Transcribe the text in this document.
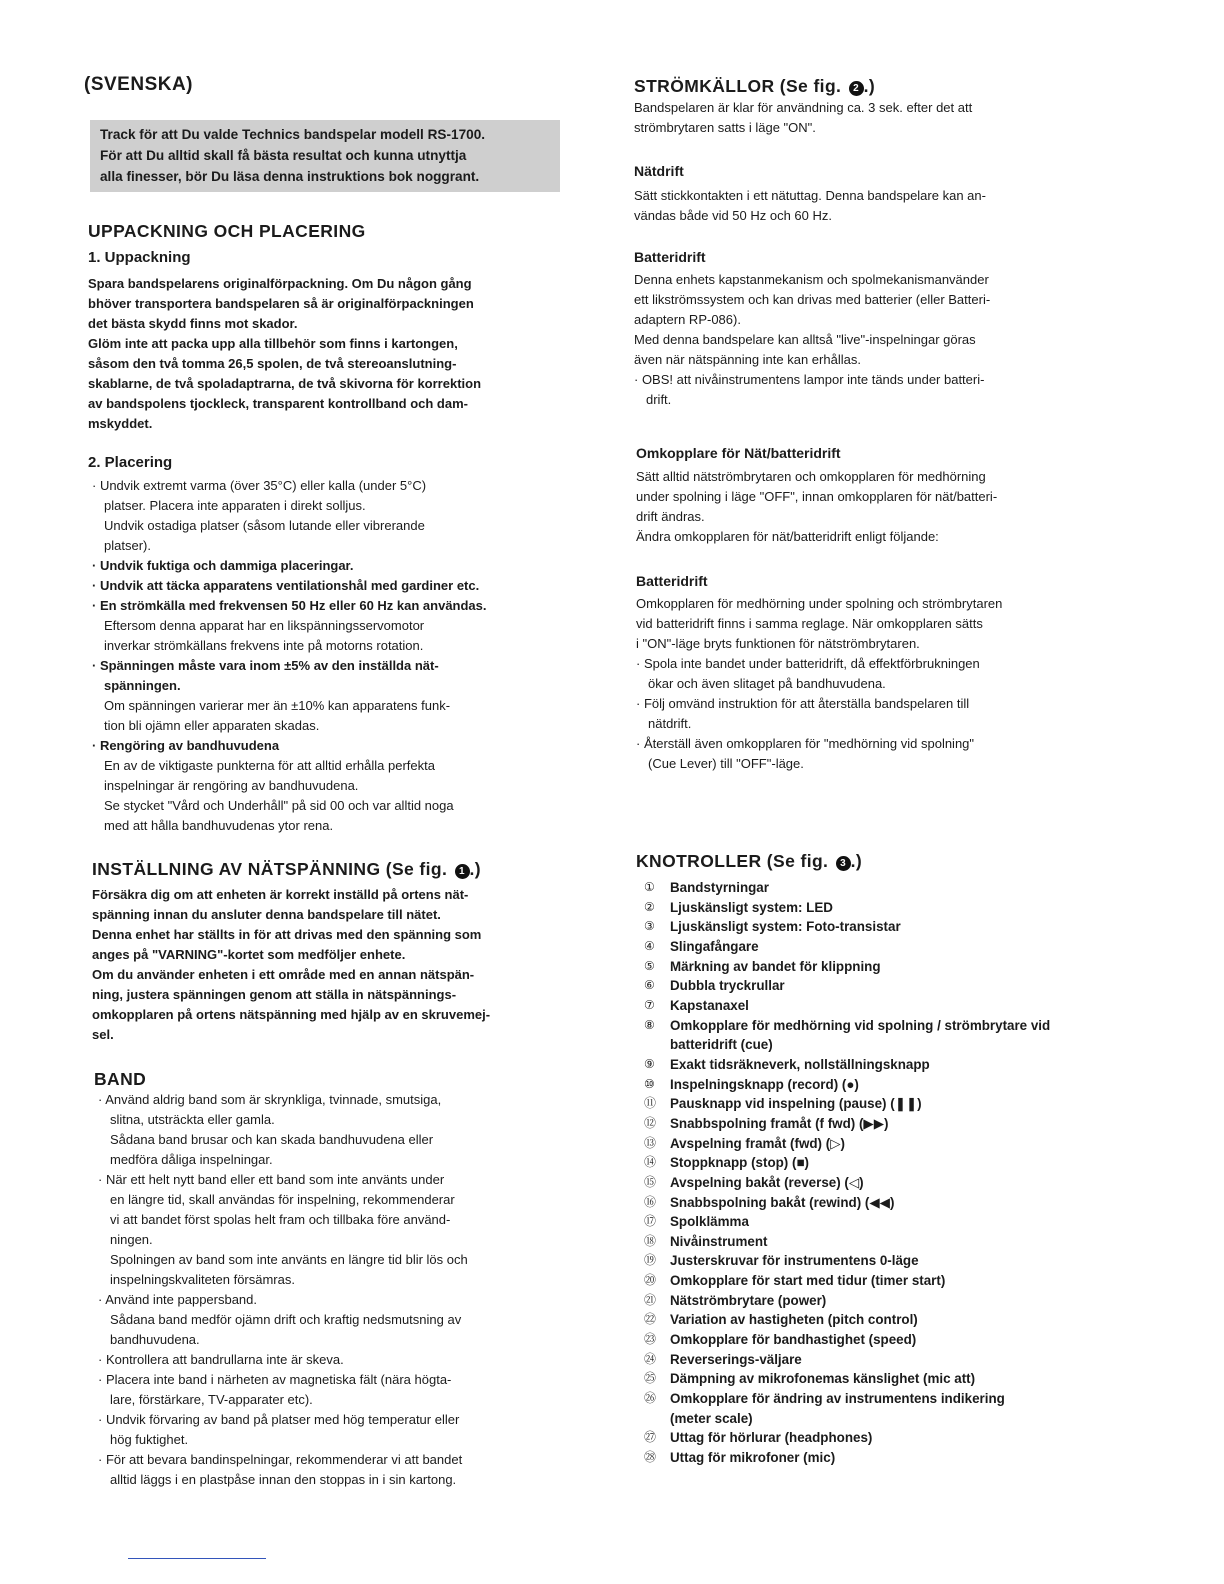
(SVENSKA)
Track för att Du valde Technics bandspelar modell RS-1700.
För att Du alltid skall få bästa resultat och kunna utnyttja
alla finesser, bör Du läsa denna instruktions bok noggrant.
UPPACKNING OCH PLACERING
1. Uppackning
Spara bandspelarens originalförpackning. Om Du någon gång
bhöver transportera bandspelaren så är originalförpackningen
det bästa skydd finns mot skador.
Glöm inte att packa upp alla tillbehör som finns i kartongen,
såsom den två tomma 26,5 spolen, de två stereoanslutning-
skablarne, de två spoladaptrarna, de två skivorna för korrektion
av bandspolens tjockleck, transparent kontrollband och dam-
mskyddet.
2. Placering
· Undvik extremt varma (över 35°C) eller kalla (under 5°C)
platser. Placera inte apparaten i direkt solljus.
Undvik ostadiga platser (såsom lutande eller vibrerande
platser).
· Undvik fuktiga och dammiga placeringar.
· Undvik att täcka apparatens ventilationshål med gardiner etc.
· En strömkälla med frekvensen 50 Hz eller 60 Hz kan användas.
Eftersom denna apparat har en likspänningsservomotor
inverkar strömkällans frekvens inte på motorns rotation.
· Spänningen måste vara inom ±5% av den inställda nät-
spänningen.
Om spänningen varierar mer än ±10% kan apparatens funk-
tion bli ojämn eller apparaten skadas.
· Rengöring av bandhuvudena
En av de viktigaste punkterna för att alltid erhålla perfekta
inspelningar är rengöring av bandhuvudena.
Se stycket "Vård och Underhåll" på sid 00 och var alltid noga
med att hålla bandhuvudenas ytor rena.
INSTÄLLNING AV NÄTSPÄNNING (Se fig. 1 .)
Försäkra dig om att enheten är korrekt inställd på ortens nät-
spänning innan du ansluter denna bandspelare till nätet.
Denna enhet har ställts in för att drivas med den spänning som
anges på "VARNING"-kortet som medföljer enhete.
Om du använder enheten i ett område med en annan nätspän-
ning, justera spänningen genom att ställa in nätspännings-
omkopplaren på ortens nätspänning med hjälp av en skruvemej-
sel.
BAND
· Använd aldrig band som är skrynkliga, tvinnade, smutsiga,
slitna, utsträckta eller gamla.
Sådana band brusar och kan skada bandhuvudena eller
medföra dåliga inspelningar.
· När ett helt nytt band eller ett band som inte använts under
en längre tid, skall användas för inspelning, rekommenderar
vi att bandet först spolas helt fram och tillbaka före använd-
ningen.
Spolningen av band som inte använts en längre tid blir lös och
inspelningskvaliteten försämras.
· Använd inte pappersband.
Sådana band medför ojämn drift och kraftig nedsmutsning av
bandhuvudena.
· Kontrollera att bandrullarna inte är skeva.
· Placera inte band i närheten av magnetiska fält (nära högta-
lare, förstärkare, TV-apparater etc).
· Undvik förvaring av band på platser med hög temperatur eller
hög fuktighet.
· För att bevara bandinspelningar, rekommenderar vi att bandet
alltid läggs i en plastpåse innan den stoppas in i sin kartong.
STRÖMKÄLLOR (Se fig. 2 .)
Bandspelaren är klar för användning ca. 3 sek. efter det att
strömbrytaren satts i läge "ON".
Nätdrift
Sätt stickkontakten i ett nätuttag. Denna bandspelare kan an-
vändas både vid 50 Hz och 60 Hz.
Batteridrift
Denna enhets kapstanmekanism och spolmekanismanvänder
ett likströmssystem och kan drivas med batterier (eller Batteri-
adaptern RP-086).
Med denna bandspelare kan alltså "live"-inspelningar göras
även när nätspänning inte kan erhållas.
· OBS! att nivåinstrumentens lampor inte tänds under batteri-
drift.
Omkopplare för Nät/batteridrift
Sätt alltid nätströmbrytaren och omkopplaren för medhörning
under spolning i läge "OFF", innan omkopplaren för nät/batteri-
drift ändras.
Ändra omkopplaren för nät/batteridrift enligt följande:
Batteridrift
Omkopplaren för medhörning under spolning och strömbrytaren
vid batteridrift finns i samma reglage. När omkopplaren sätts
i "ON"-läge bryts funktionen för nätströmbrytaren.
· Spola inte bandet under batteridrift, då effektförbrukningen
ökar och även slitaget på bandhuvudena.
· Följ omvänd instruktion för att återställa bandspelaren till
nätdrift.
· Återställ även omkopplaren för "medhörning vid spolning"
(Cue Lever) till "OFF"-läge.
KNOTROLLER (Se fig. 3 .)
①	Bandstyrningar
②	Ljuskänsligt system: LED
③	Ljuskänsligt system: Foto-transistar
④	Slingafångare
⑤	Märkning av bandet för klippning
⑥	Dubbla tryckrullar
⑦	Kapstanaxel
⑧	Omkopplare för medhörning vid spolning / strömbrytare vid
batteridrift (cue)
⑨	Exakt tidsräkneverk, nollställningsknapp
⑩	Inspelningsknapp (record) (●)
⑪	Pausknapp vid inspelning (pause) (❚❚)
⑫	Snabbspolning framåt (f fwd) (▶▶)
⑬	Avspelning framåt (fwd) (▷)
⑭	Stoppknapp (stop) (■)
⑮	Avspelning bakåt (reverse) (◁)
⑯	Snabbspolning bakåt (rewind) (◀◀)
⑰	Spolklämma
⑱	Nivåinstrument
⑲	Justerskruvar för instrumentens 0-läge
⑳	Omkopplare för start med tidur (timer start)
㉑	Nätströmbrytare (power)
㉒	Variation av hastigheten (pitch control)
㉓	Omkopplare för bandhastighet (speed)
㉔	Reverserings-väljare
㉕	Dämpning av mikrofonemas känslighet (mic att)
㉖	Omkopplare för ändring av instrumentens indikering
(meter scale)
㉗	Uttag för hörlurar (headphones)
㉘	Uttag för mikrofoner (mic)
